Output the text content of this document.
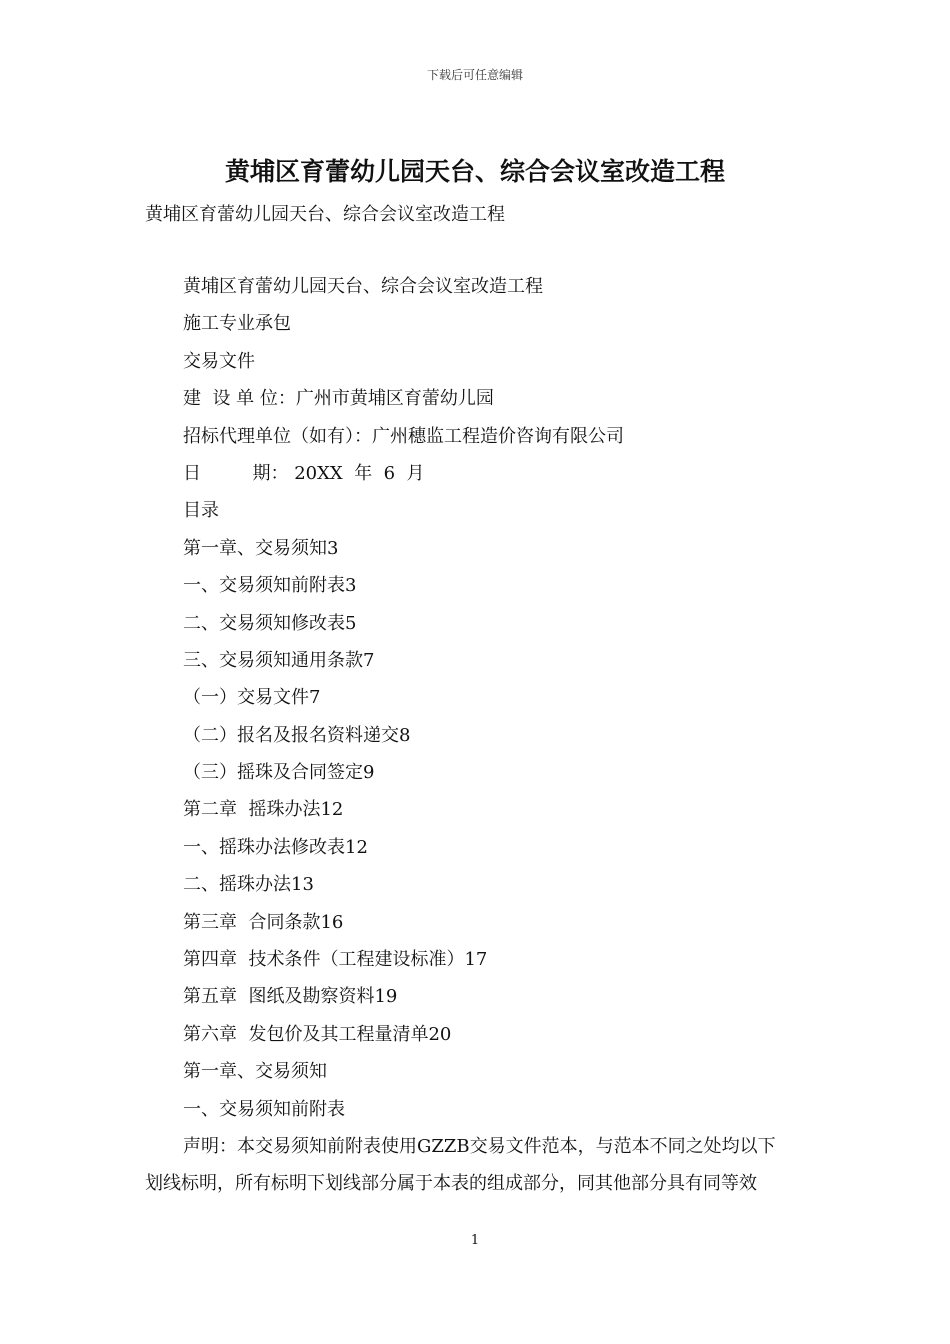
下载后可任意编辑
黄埔区育蕾幼儿园天台、综合会议室改造工程

黄埔区育蕾幼儿园天台、综合会议室改造工程

黄埔区育蕾幼儿园天台、综合会议室改造工程
施工专业承包
交易文件
建  设 单 位：广州市黄埔区育蕾幼儿园
招标代理单位（如有）：广州穗监工程造价咨询有限公司
日         期： 20XX  年  6  月
目录
第一章、交易须知3
一、交易须知前附表3
二、交易须知修改表5
三、交易须知通用条款7
（一）交易文件7
（二）报名及报名资料递交8
（三）摇珠及合同签定9
第二章  摇珠办法12
一、摇珠办法修改表12
二、摇珠办法13
第三章  合同条款16
第四章  技术条件（工程建设标准）17
第五章  图纸及勘察资料19
第六章  发包价及其工程量清单20
第一章、交易须知
一、交易须知前附表

声明：本交易须知前附表使用GZZB交易文件范本，与范本不同之处均以下
划线标明，所有标明下划线部分属于本表的组成部分，同其他部分具有同等效

1
